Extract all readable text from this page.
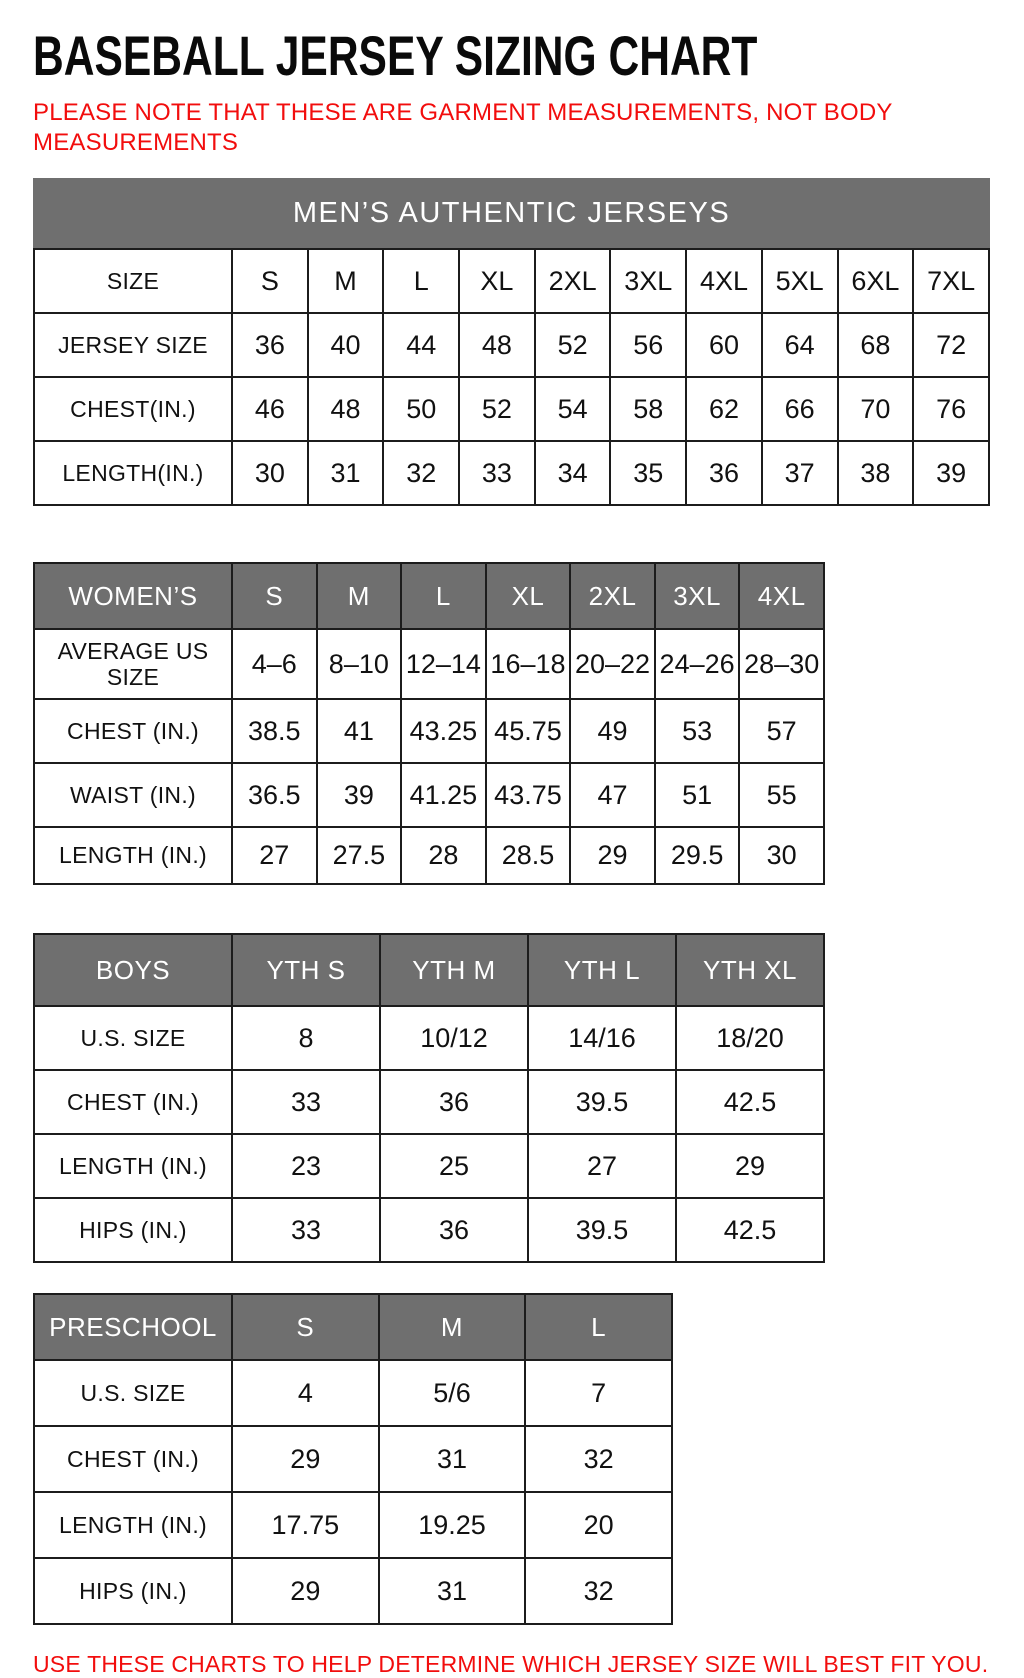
BASEBALL JERSEY SIZING CHART
PLEASE NOTE THAT THESE ARE GARMENT MEASUREMENTS, NOT BODY MEASUREMENTS
MEN’S AUTHENTIC JERSEYS
SIZE	S	M	L	XL	2XL	3XL	4XL	5XL	6XL	7XL
JERSEY SIZE	36	40	44	48	52	56	60	64	68	72
CHEST(IN.)	46	48	50	52	54	58	62	66	70	76
LENGTH(IN.)	30	31	32	33	34	35	36	37	38	39
WOMEN’S	S	M	L	XL	2XL	3XL	4XL
AVERAGE US SIZE	4–6	8–10	12–14	16–18	20–22	24–26	28–30
CHEST (IN.)	38.5	41	43.25	45.75	49	53	57
WAIST (IN.)	36.5	39	41.25	43.75	47	51	55
LENGTH (IN.)	27	27.5	28	28.5	29	29.5	30
BOYS	YTH S	YTH M	YTH L	YTH XL
U.S. SIZE	8	10/12	14/16	18/20
CHEST (IN.)	33	36	39.5	42.5
LENGTH (IN.)	23	25	27	29
HIPS (IN.)	33	36	39.5	42.5
PRESCHOOL	S	M	L
U.S. SIZE	4	5/6	7
CHEST (IN.)	29	31	32
LENGTH (IN.)	17.75	19.25	20
HIPS (IN.)	29	31	32
USE THESE CHARTS TO HELP DETERMINE WHICH JERSEY SIZE WILL BEST FIT YOU.
